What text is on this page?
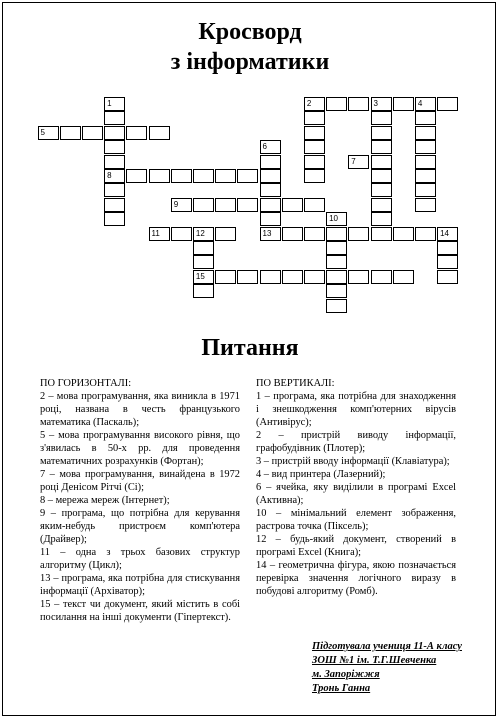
Кросворд
з інформатики
1
8
2	3	4
5
6
13
7
9
10
11	12
15
14
Питання
ПО ГОРИЗОНТАЛІ:

2 – мова програмування, яка виникла в 1971 році, названа в честь французького математика (Паскаль);

5 – мова програмування високого рівня, що з'явилась в 50-х рр. для проведення математичних розрахунків (Фортан);

7 – мова програмування, винайдена в 1972 році Денісом Рітчі (Сі);

8 – мережа мереж (Інтернет);

9 – програма, що потрібна для керування яким-небудь пристроєм комп'ютера (Драйвер);

11 – одна з трьох базових структур алгоритму (Цикл);

13 – програма, яка потрібна для стискування інформації (Архіватор);

15 – текст чи документ, який містить в собі посилання на інші документи (Гіпертекст).

ПО ВЕРТИКАЛІ:

1 – програма, яка потрібна для знаходження і знешкодження комп'ютерних вірусів (Антивірус);

2 – пристрій виводу інформації, графобудівник (Плотер);

3 – пристрій вводу інформації (Клавіатура);

4 – вид принтера (Лазерний);

6 – ячейка, яку виділили в програмі Excel (Активна);

10 – мінімальний елемент зображення, растрова точка (Піксель);

12 – будь-який документ, створений в програмі Excel (Книга);

14 – геометрична фігура, якою позначається перевірка значення логічного виразу в побудові алгоритму (Ромб).

Підготувала учениця 11-А класу
ЗОШ №1 ім. Т.Г.Шевченка
м. Запоріжжя
Тронь Ганна
